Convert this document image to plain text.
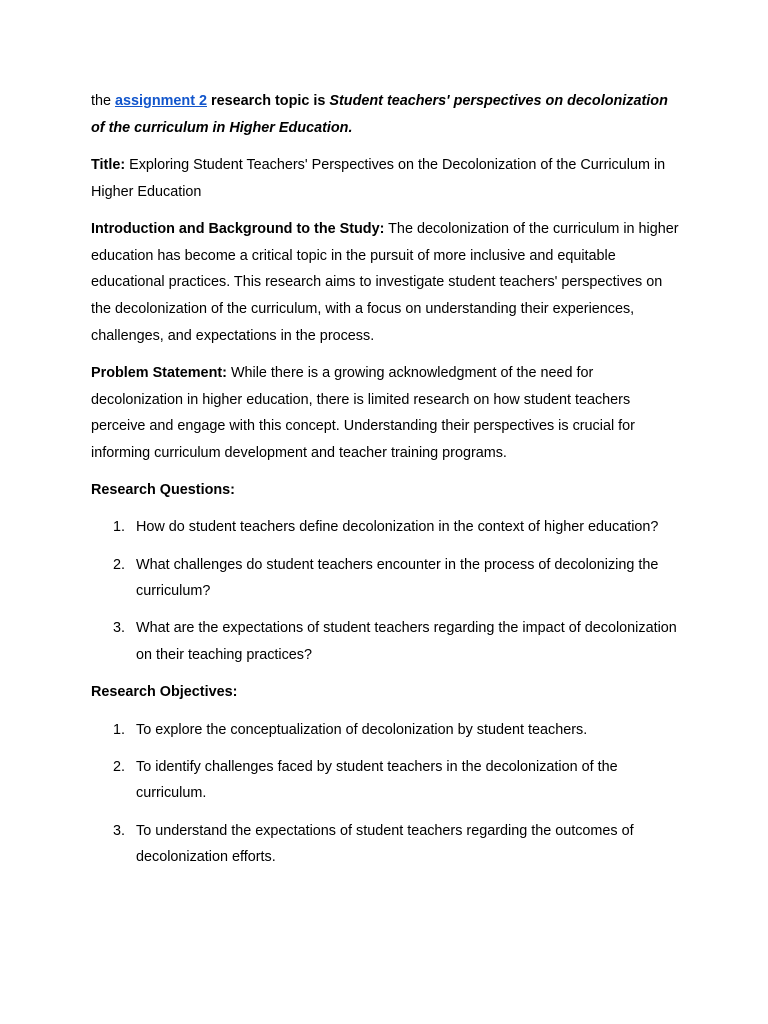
the assignment 2 research topic is Student teachers' perspectives on decolonization of the curriculum in Higher Education.

Title: Exploring Student Teachers' Perspectives on the Decolonization of the Curriculum in Higher Education

Introduction and Background to the Study: The decolonization of the curriculum in higher education has become a critical topic in the pursuit of more inclusive and equitable educational practices. This research aims to investigate student teachers' perspectives on the decolonization of the curriculum, with a focus on understanding their experiences, challenges, and expectations in the process.

Problem Statement: While there is a growing acknowledgment of the need for decolonization in higher education, there is limited research on how student teachers perceive and engage with this concept. Understanding their perspectives is crucial for informing curriculum development and teacher training programs.

Research Questions:

1. How do student teachers define decolonization in the context of higher education?
2. What challenges do student teachers encounter in the process of decolonizing the curriculum?
3. What are the expectations of student teachers regarding the impact of decolonization on their teaching practices?

Research Objectives:

1. To explore the conceptualization of decolonization by student teachers.
2. To identify challenges faced by student teachers in the decolonization of the curriculum.
3. To understand the expectations of student teachers regarding the outcomes of decolonization efforts.
